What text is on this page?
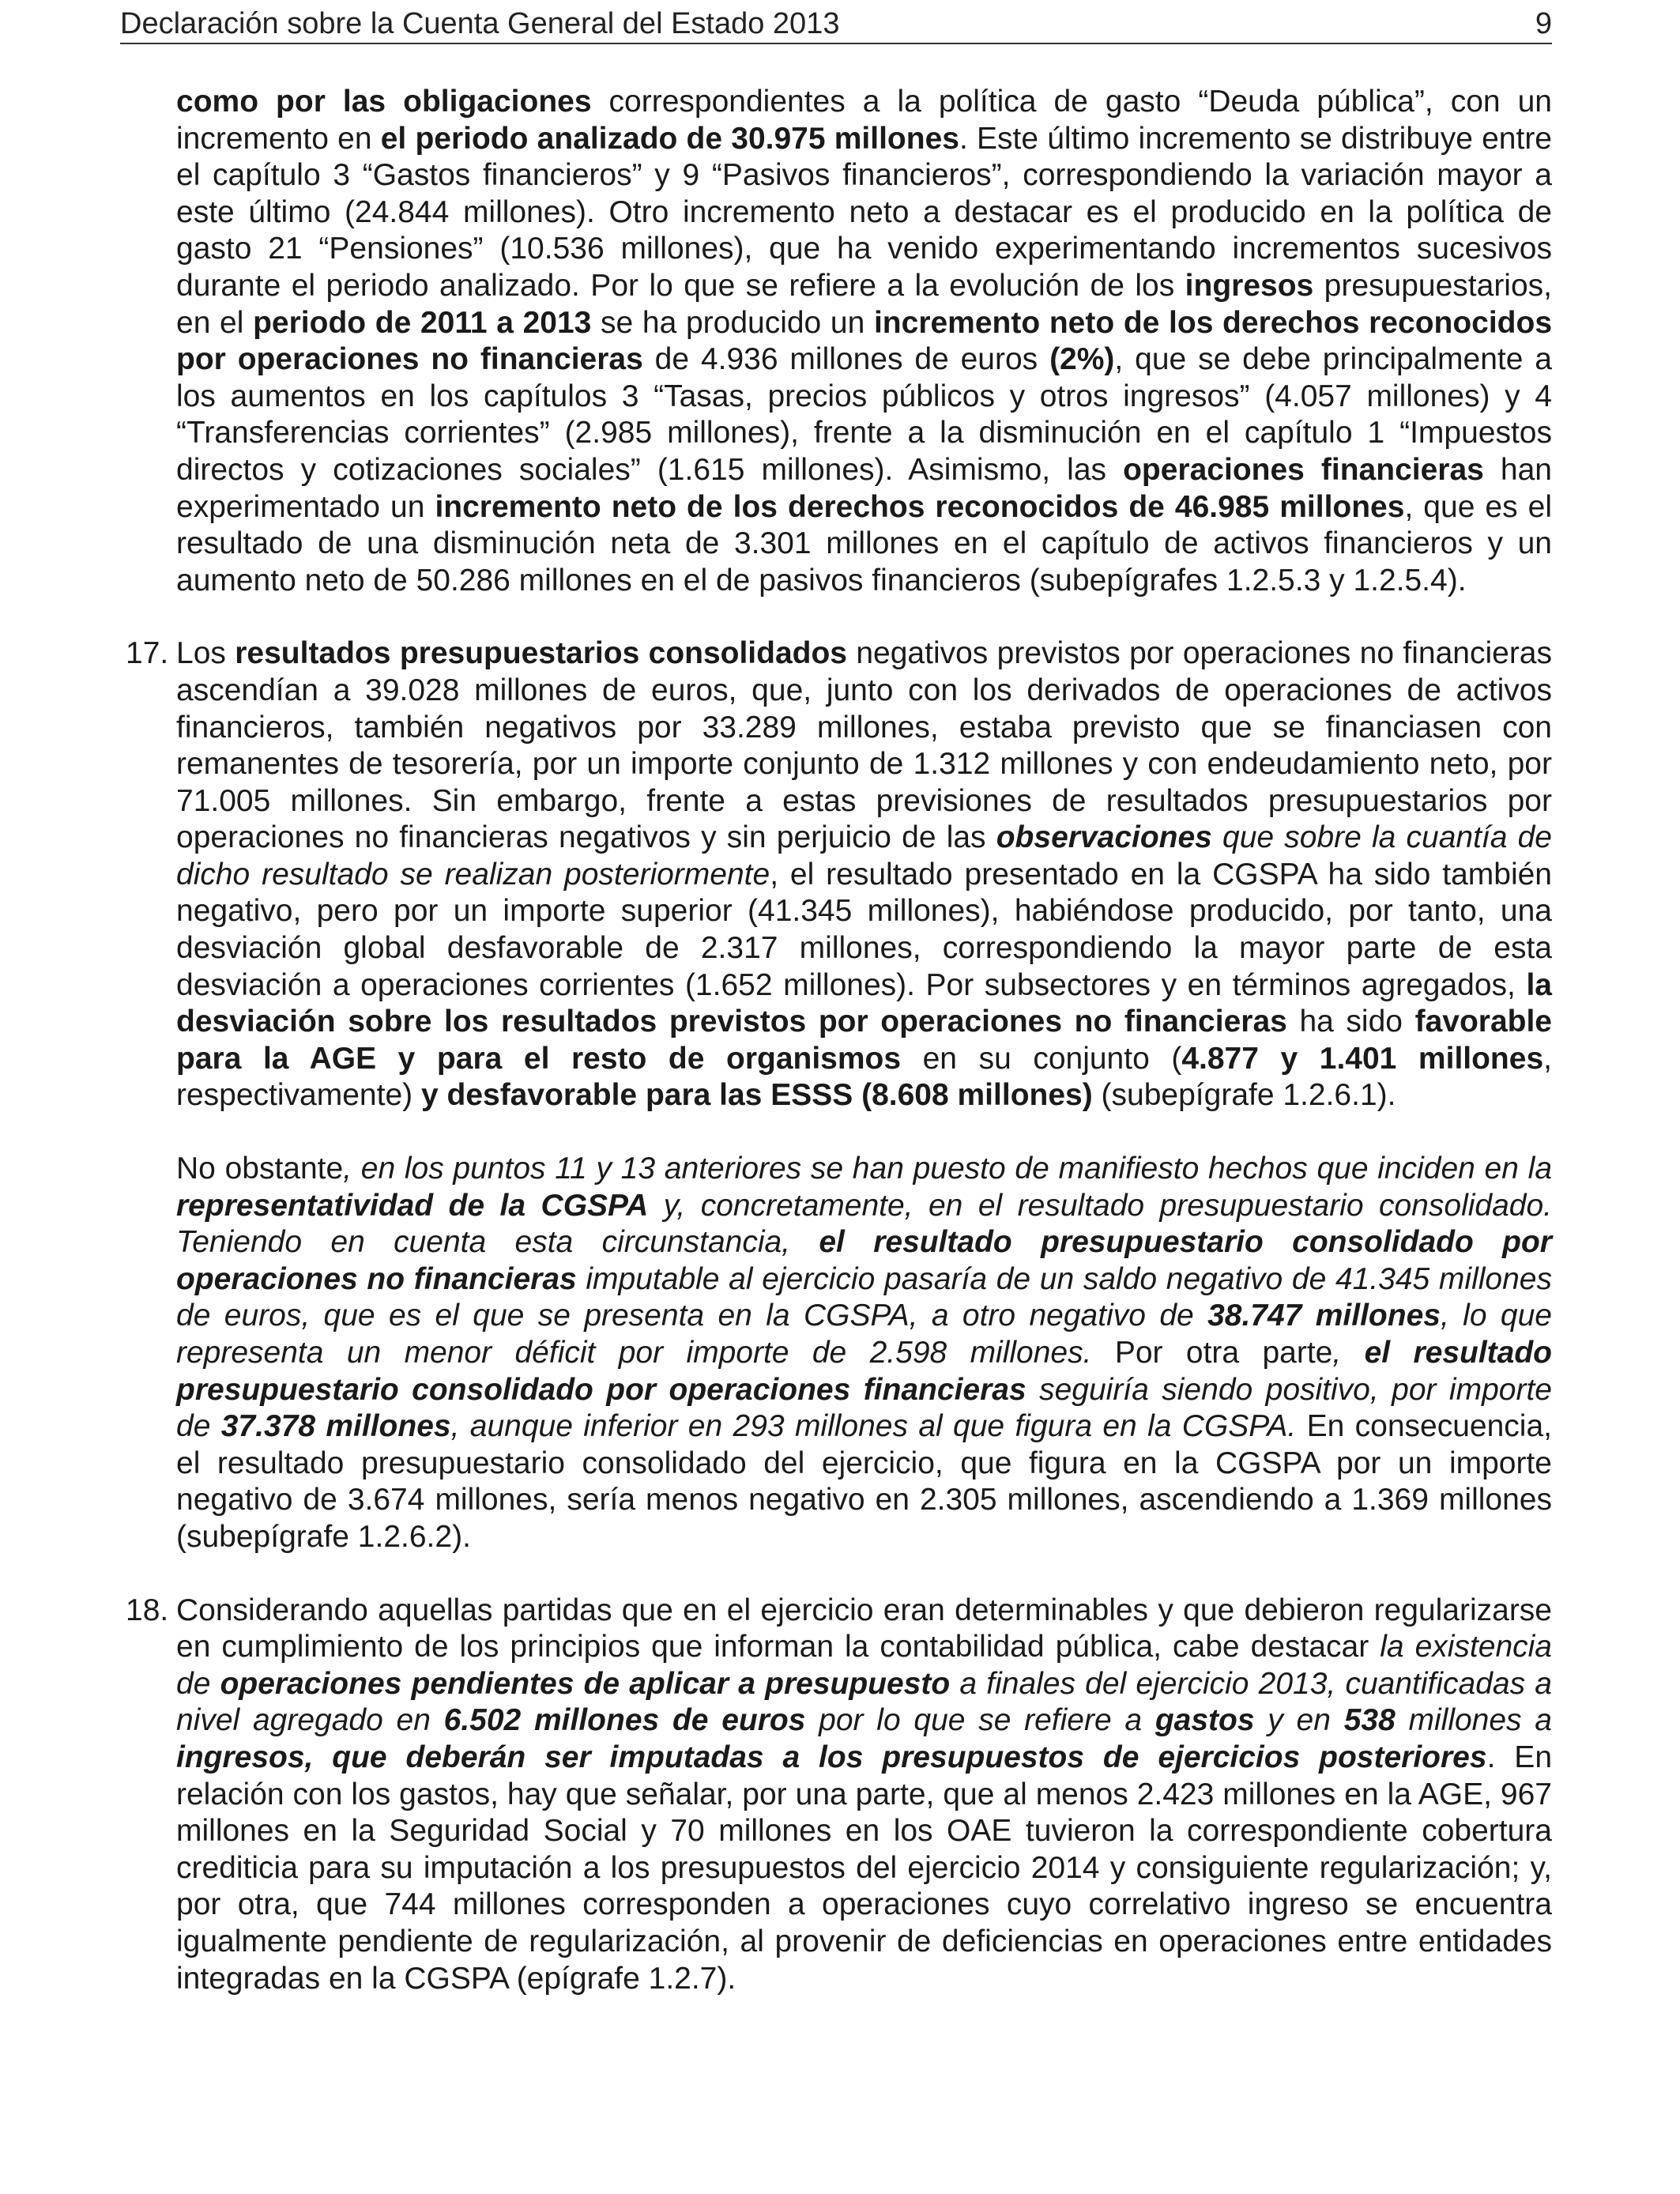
Declaración sobre la Cuenta General del Estado 2013	9

como por las obligaciones correspondientes a la política de gasto “Deuda pública”, con un incremento en el periodo analizado de 30.975 millones. Este último incremento se distribuye entre el capítulo 3 “Gastos financieros” y 9 “Pasivos financieros”, correspondiendo la variación mayor a este último (24.844 millones). Otro incremento neto a destacar es el producido en la política de gasto 21 “Pensiones” (10.536 millones), que ha venido experimentando incrementos sucesivos durante el periodo analizado. Por lo que se refiere a la evolución de los ingresos presupuestarios, en el periodo de 2011 a 2013 se ha producido un incremento neto de los derechos reconocidos por operaciones no financieras de 4.936 millones de euros (2%), que se debe principalmente a los aumentos en los capítulos 3 “Tasas, precios públicos y otros ingresos” (4.057 millones) y 4 “Transferencias corrientes” (2.985 millones), frente a la disminución en el capítulo 1 “Impuestos directos y cotizaciones sociales” (1.615 millones). Asimismo, las operaciones financieras han experimentado un incremento neto de los derechos reconocidos de 46.985 millones, que es el resultado de una disminución neta de 3.301 millones en el capítulo de activos financieros y un aumento neto de 50.286 millones en el de pasivos financieros (subepígrafes 1.2.5.3 y 1.2.5.4).

17. Los resultados presupuestarios consolidados negativos previstos por operaciones no financieras ascendían a 39.028 millones de euros, que, junto con los derivados de operaciones de activos financieros, también negativos por 33.289 millones, estaba previsto que se financiasen con remanentes de tesorería, por un importe conjunto de 1.312 millones y con endeudamiento neto, por 71.005 millones. Sin embargo, frente a estas previsiones de resultados presupuestarios por operaciones no financieras negativos y sin perjuicio de las observaciones que sobre la cuantía de dicho resultado se realizan posteriormente, el resultado presentado en la CGSPA ha sido también negativo, pero por un importe superior (41.345 millones), habiéndose producido, por tanto, una desviación global desfavorable de 2.317 millones, correspondiendo la mayor parte de esta desviación a operaciones corrientes (1.652 millones). Por subsectores y en términos agregados, la desviación sobre los resultados previstos por operaciones no financieras ha sido favorable para la AGE y para el resto de organismos en su conjunto (4.877 y 1.401 millones, respectivamente) y desfavorable para las ESSS (8.608 millones) (subepígrafe 1.2.6.1).

No obstante, en los puntos 11 y 13 anteriores se han puesto de manifiesto hechos que inciden en la representatividad de la CGSPA y, concretamente, en el resultado presupuestario consolidado. Teniendo en cuenta esta circunstancia, el resultado presupuestario consolidado por operaciones no financieras imputable al ejercicio pasaría de un saldo negativo de 41.345 millones de euros, que es el que se presenta en la CGSPA, a otro negativo de 38.747 millones, lo que representa un menor déficit por importe de 2.598 millones. Por otra parte, el resultado presupuestario consolidado por operaciones financieras seguiría siendo positivo, por importe de 37.378 millones, aunque inferior en 293 millones al que figura en la CGSPA. En consecuencia, el resultado presupuestario consolidado del ejercicio, que figura en la CGSPA por un importe negativo de 3.674 millones, sería menos negativo en 2.305 millones, ascendiendo a 1.369 millones (subepígrafe 1.2.6.2).

18. Considerando aquellas partidas que en el ejercicio eran determinables y que debieron regularizarse en cumplimiento de los principios que informan la contabilidad pública, cabe destacar la existencia de operaciones pendientes de aplicar a presupuesto a finales del ejercicio 2013, cuantificadas a nivel agregado en 6.502 millones de euros por lo que se refiere a gastos y en 538 millones a ingresos, que deberán ser imputadas a los presupuestos de ejercicios posteriores. En relación con los gastos, hay que señalar, por una parte, que al menos 2.423 millones en la AGE, 967 millones en la Seguridad Social y 70 millones en los OAE tuvieron la correspondiente cobertura crediticia para su imputación a los presupuestos del ejercicio 2014 y consiguiente regularización; y, por otra, que 744 millones corresponden a operaciones cuyo correlativo ingreso se encuentra igualmente pendiente de regularización, al provenir de deficiencias en operaciones entre entidades integradas en la CGSPA (epígrafe 1.2.7).
